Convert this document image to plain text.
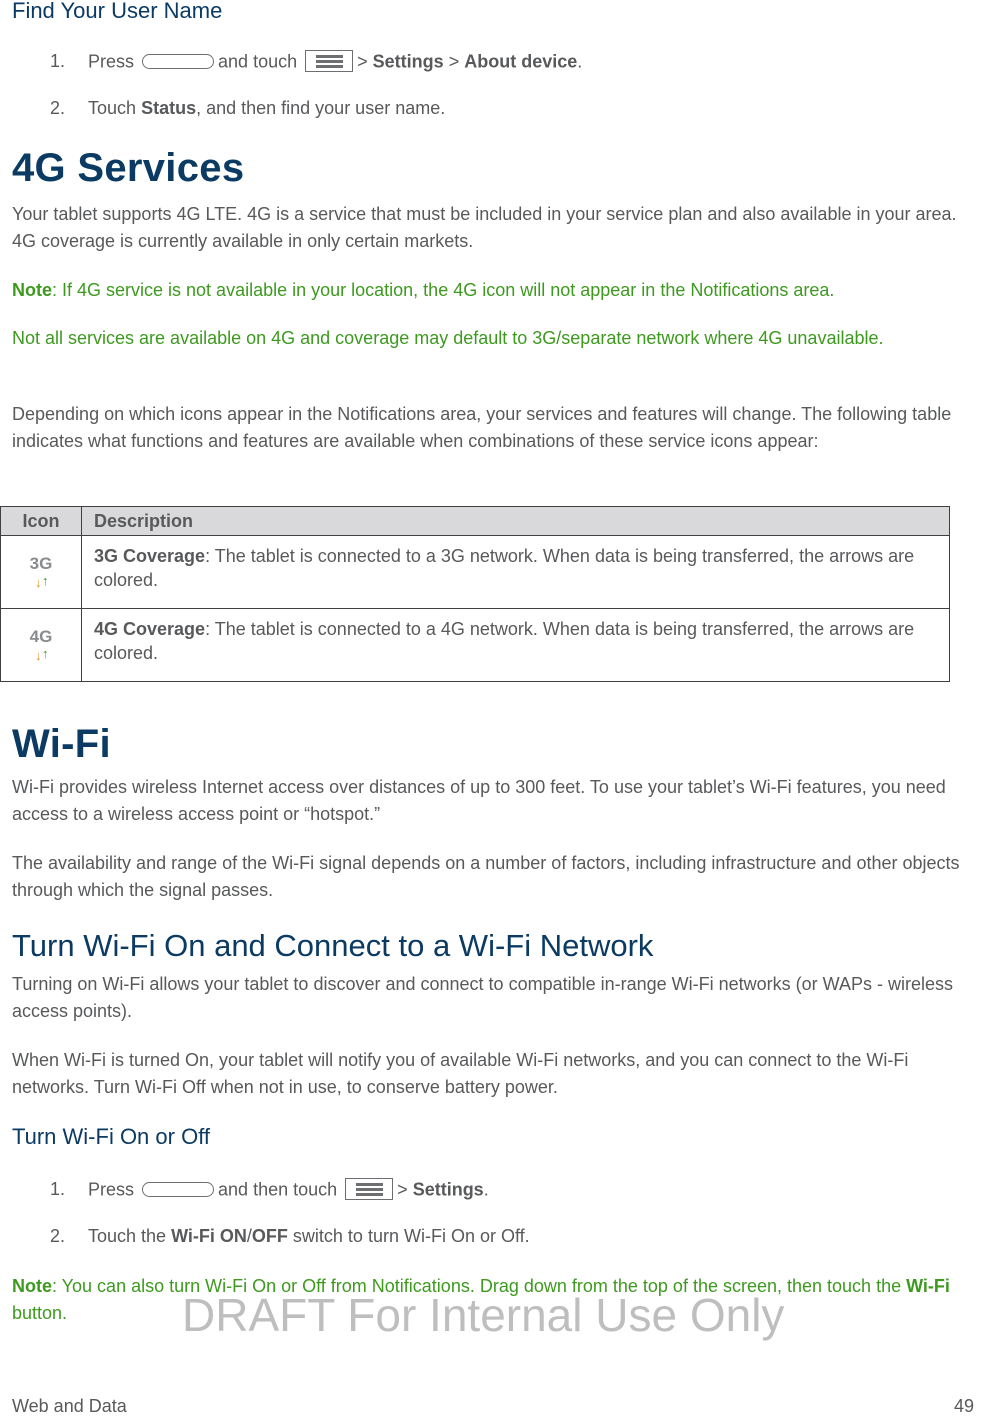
Find Your User Name
1. Press	and touch	> Settings > About device.
2. Touch Status, and then find your user name.
4G Services
Your tablet supports 4G LTE. 4G is a service that must be included in your service plan and also available in your area. 4G coverage is currently available in only certain markets.
Note: If 4G service is not available in your location, the 4G icon will not appear in the Notifications area.
Not all services are available on 4G and coverage may default to 3G/separate network where 4G unavailable.
Depending on which icons appear in the Notifications area, your services and features will change. The following table indicates what functions and features are available when combinations of these service icons appear:
Icon	Description

3G
↓ ↑	3G Coverage: The tablet is connected to a 3G network. When data is being transferred, the arrows are colored.

4G
↓ ↑	4G Coverage: The tablet is connected to a 4G network. When data is being transferred, the arrows are colored.
Wi-Fi
Wi-Fi provides wireless Internet access over distances of up to 300 feet. To use your tablet’s Wi-Fi features, you need access to a wireless access point or “hotspot.”
The availability and range of the Wi-Fi signal depends on a number of factors, including infrastructure and other objects through which the signal passes.
Turn Wi-Fi On and Connect to a Wi-Fi Network
Turning on Wi-Fi allows your tablet to discover and connect to compatible in-range Wi-Fi networks (or WAPs - wireless access points).
When Wi-Fi is turned On, your tablet will notify you of available Wi-Fi networks, and you can connect to the Wi-Fi networks. Turn Wi-Fi Off when not in use, to conserve battery power.
Turn Wi-Fi On or Off
1. Press	and then touch	> Settings.
2. Touch the Wi-Fi ON/OFF switch to turn Wi-Fi On or Off.
Note: You can also turn Wi-Fi On or Off from Notifications. Drag down from the top of the screen, then touch the Wi-Fi button.	DRAFT For Internal Use Only
Web and Data	49
